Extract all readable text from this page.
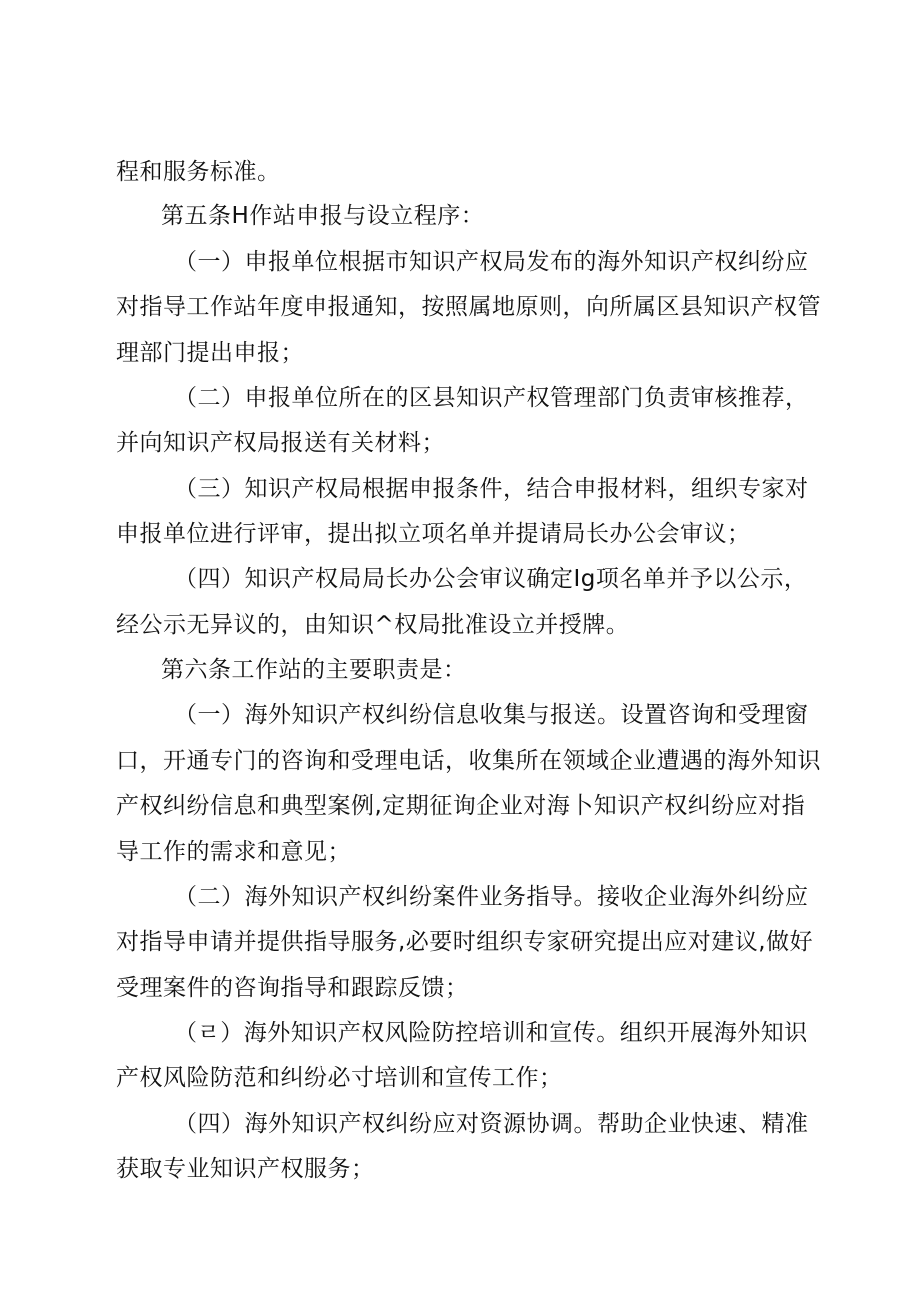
程和服务标准。
第五条H作站申报与设立程序：
（一）申报单位根据市知识产权局发布的海外知识产权纠纷应
对指导工作站年度申报通知，按照属地原则，向所属区县知识产权管
理部门提出申报；
（二）申报单位所在的区县知识产权管理部门负责审核推荐，
并向知识产权局报送有关材料；
（三）知识产权局根据申报条件，结合申报材料，组织专家对
申报单位进行评审，提出拟立项名单并提请局长办公会审议；
（四）知识产权局局长办公会审议确定Ig项名单并予以公示，
经公示无异议的，由知识^权局批准设立并授牌。
第六条工作站的主要职责是：
（一）海外知识产权纠纷信息收集与报送。设置咨询和受理窗
口，开通专门的咨询和受理电话，收集所在领域企业遭遇的海外知识
产权纠纷信息和典型案例,定期征询企业对海卜知识产权纠纷应对指
导工作的需求和意见；
（二）海外知识产权纠纷案件业务指导。接收企业海外纠纷应
对指导申请并提供指导服务,必要时组织专家研究提出应对建议,做好
受理案件的咨询指导和跟踪反馈；
（ㄹ）海外知识产权风险防控培训和宣传。组织开展海外知识
产权风险防范和纠纷必寸培训和宣传工作；
（四）海外知识产权纠纷应对资源协调。帮助企业快速、精准
获取专业知识产权服务；
